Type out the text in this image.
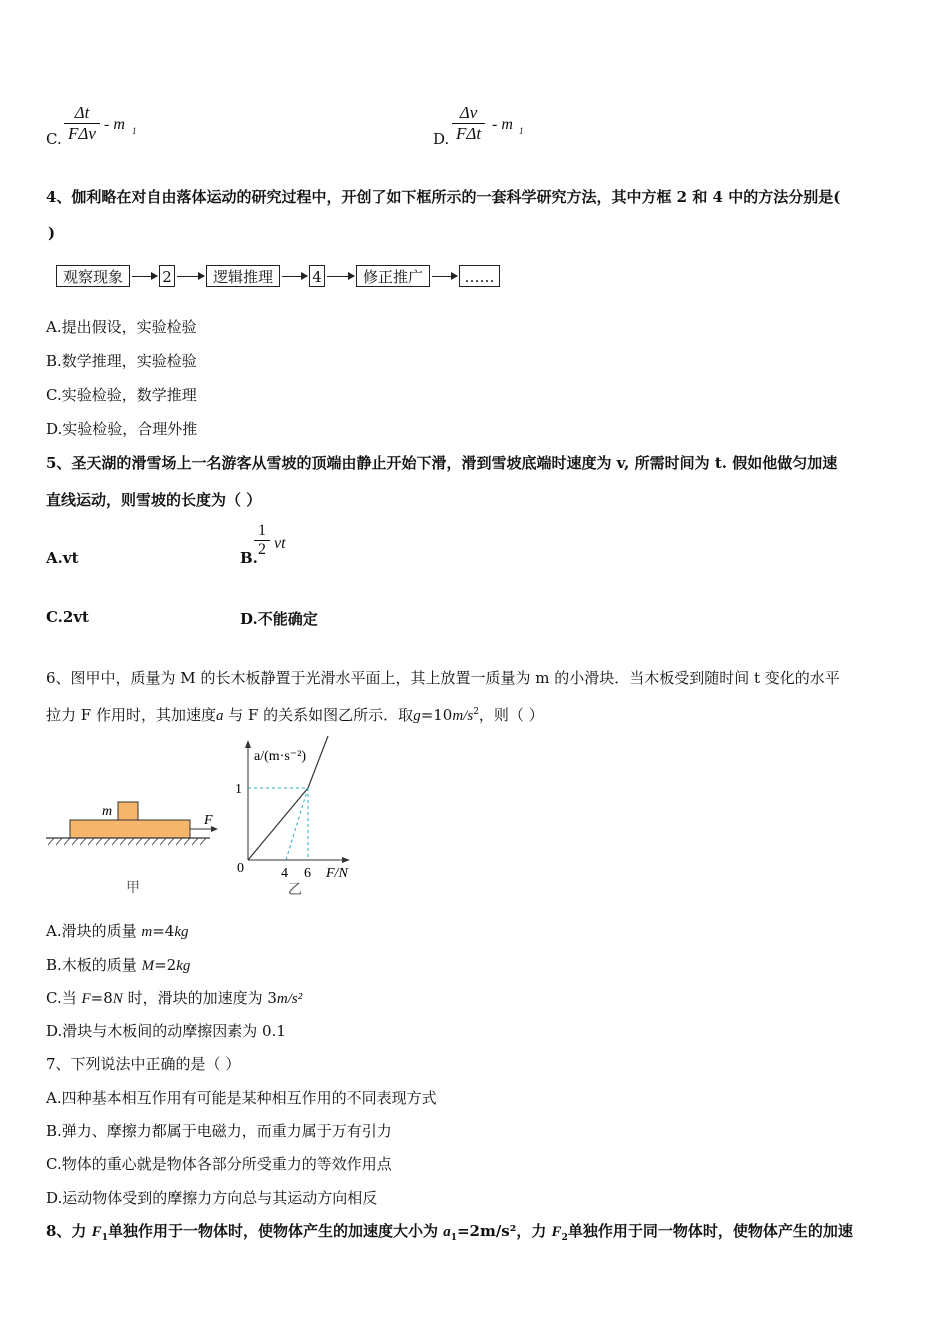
C.
Δt
FΔv - m 1	D.
Δv
FΔt - m 1
4、伽利略在对自由落体运动的研究过程中，开创了如下框所示的一套科学研究方法，其中方框 2 和 4 中的方法分别是(
)
观察现象	2	逻辑推理	4	修正推广	……
A.提出假设，实验检验
B.数学推理，实验检验
C.实验检验，数学推理
D.实验检验，合理外推
5、圣天湖的滑雪场上一名游客从雪坡的顶端由静止开始下滑，滑到雪坡底端时速度为 v, 所需时间为 t. 假如他做匀加速
直线运动，则雪坡的长度为（ ）
A.vt	B.
$\frac{1}{2}$ vt
C.2vt	D.不能确定
6、图甲中，质量为 M 的长木板静置于光滑水平面上，其上放置一质量为 m 的小滑块．当木板受到随时间 t 变化的水平
拉力 F 作用时，其加速度a 与 F 的关系如图乙所示．取$g=10m/s^2$，则（ ）
m
F
甲
a/(m·s⁻²)
1
0	4 6 F/N
乙
A.滑块的质量 m=4kg
B.木板的质量 M=2kg
C.当 F=8N 时，滑块的加速度为 3m/s²
D.滑块与木板间的动摩擦因素为 0.1
7、下列说法中正确的是（ ）
A.四种基本相互作用有可能是某种相互作用的不同表现方式
B.弹力、摩擦力都属于电磁力，而重力属于万有引力
C.物体的重心就是物体各部分所受重力的等效作用点
D.运动物体受到的摩擦力方向总与其运动方向相反
8、力 $F_1$单独作用于一物体时，使物体产生的加速度大小为 $a_1=2m/s^2$，力 $F_2$单独作用于同一物体时，使物体产生的加速
